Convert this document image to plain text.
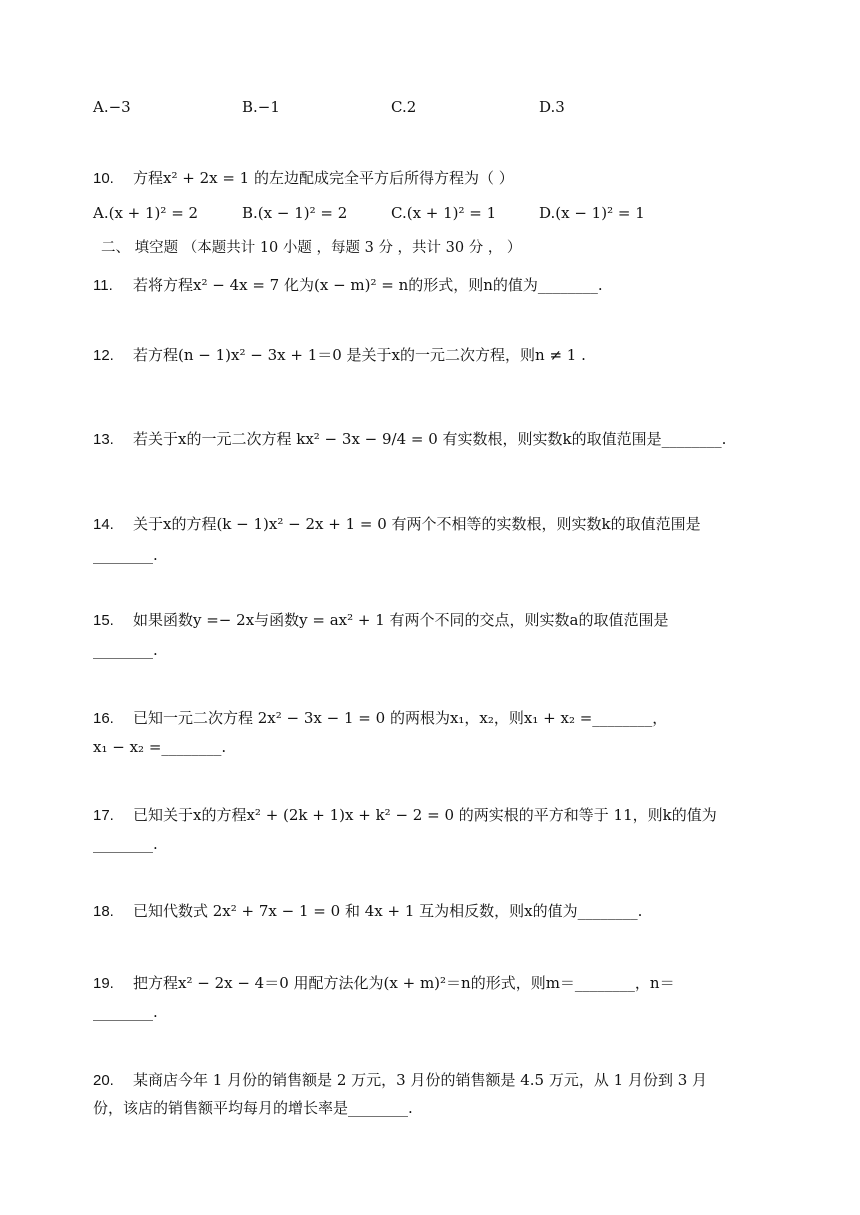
A.−3	B.−1	C.2	D.3
10. 方程x² + 2x = 1 的左边配成完全平方后所得方程为（ ）
A.(x + 1)² = 2	B.(x − 1)² = 2	C.(x + 1)² = 1	D.(x − 1)² = 1
二、 填空题 （本题共计 10 小题 ，每题 3 分 ，共计 30 分 ， ）
11. 若将方程x² − 4x = 7 化为(x − m)² = n的形式，则n的值为________.
12. 若方程(n − 1)x² − 3x + 1＝0 是关于x的一元二次方程，则n ≠ 1 .
13. 若关于x的一元二次方程 kx² − 3x − 9/4 = 0 有实数根，则实数k的取值范围是________.
14. 关于x的方程(k − 1)x² − 2x + 1 = 0 有两个不相等的实数根，则实数k的取值范围是
________.
15. 如果函数y =− 2x与函数y = ax² + 1 有两个不同的交点，则实数a的取值范围是
________.
16. 已知一元二次方程 2x² − 3x − 1 = 0 的两根为x₁，x₂，则x₁ + x₂ =________，
x₁ − x₂ =________.
17. 已知关于x的方程x² + (2k + 1)x + k² − 2 = 0 的两实根的平方和等于 11，则k的值为
________.
18. 已知代数式 2x² + 7x − 1 = 0 和 4x + 1 互为相反数，则x的值为________.
19. 把方程x² − 2x − 4＝0 用配方法化为(x + m)²＝n的形式，则m＝________，n＝
________.
20. 某商店今年 1 月份的销售额是 2 万元，3 月份的销售额是 4.5 万元，从 1 月份到 3 月
份，该店的销售额平均每月的增长率是________.
